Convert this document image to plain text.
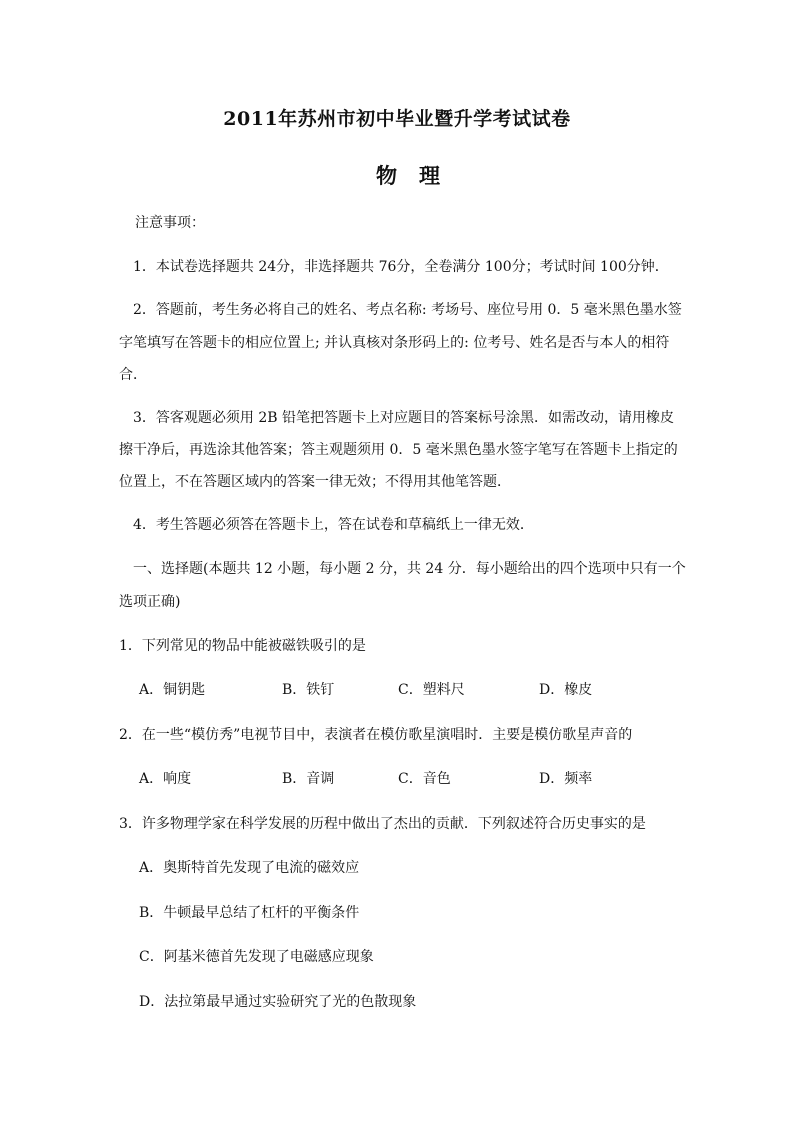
2011年苏州市初中毕业暨升学考试试卷
物理
注意事项：
1．本试卷选择题共 24分，非选择题共 76分，全卷满分 100分；考试时间 100分钟．
2．答题前，考生务必将自己的姓名、考点名称: 考场号、座位号用 0．5 毫米黑色墨水签
字笔填写在答题卡的相应位置上; 并认真核对条形码上的: 位考号、姓名是否与本人的相符
合．
3．答客观题必须用 2B 铅笔把答题卡上对应题目的答案标号涂黑．如需改动，请用橡皮
擦干净后，再选涂其他答案；答主观题须用 0．5 毫米黑色墨水签字笔写在答题卡上指定的
位置上，不在答题区域内的答案一律无效；不得用其他笔答题．
4．考生答题必须答在答题卡上，答在试卷和草稿纸上一律无效．
一、选择题(本题共 12 小题，每小题 2 分，共 24 分．每小题给出的四个选项中只有一个
选项正确)
1．下列常见的物品中能被磁铁吸引的是
A．铜钥匙	B．铁钉	C．塑料尺	D．橡皮
2．在一些“模仿秀”电视节目中，表演者在模仿歌星演唱时．主要是模仿歌星声音的
A．响度	B．音调	C．音色	D．频率
3．许多物理学家在科学发展的历程中做出了杰出的贡献．下列叙述符合历史事实的是
A．奥斯特首先发现了电流的磁效应
B．牛顿最早总结了杠杆的平衡条件
C．阿基米德首先发现了电磁感应现象
D．法拉第最早通过实验研究了光的色散现象
